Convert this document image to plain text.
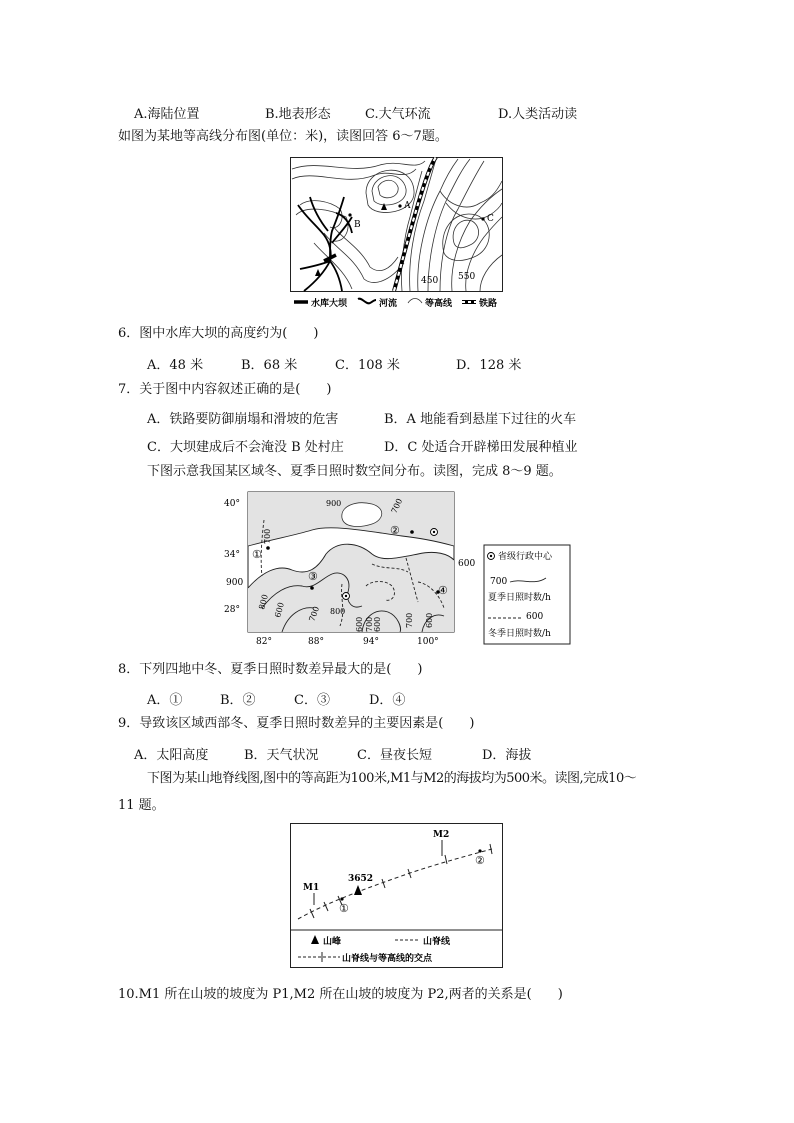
A.海陆位置	B.地表形态	C.大气环流	D.人类活动读
如图为某地等高线分布图(单位：米)，读图回答 6～7题。
A
B
C
450 550
水库大坝	河流	等高线	铁路
6．图中水库大坝的高度约为(　　)
A．48 米	B．68 米	C．108 米	D．128 米
7．关于图中内容叙述正确的是(　　)
A．铁路要防御崩塌和滑坡的危害	B．A 地能看到悬崖下过往的火车
C．大坝建成后不会淹没 B 处村庄	D．C 处适合开辟梯田发展种植业
下图示意我国某区域冬、夏季日照时数空间分布。读图，完成 8～9 题。
40°
34°
28°
82°	88°	94°	100°
900	700
700
900
800 600	700 800
600 700 600	700 600
600
①
②
③
④
省级行政中心
700
夏季日照时数/h
600
冬季日照时数/h
8．下列四地中冬、夏季日照时数差异最大的是(　　)
A．①	B．②	C．③	D．④
9．导致该区域西部冬、夏季日照时数差异的主要因素是(　　)
A．太阳高度	B．天气状况	C．昼夜长短	D．海拔
下图为某山地脊线图,图中的等高距为100米,M1与M2的海拔均为500米。读图,完成10～
11 题。
M1
M2
3652
①
②
山峰	山脊线
山脊线与等高线的交点
10.M1 所在山坡的坡度为 P1,M2 所在山坡的坡度为 P2,两者的关系是(　　)
